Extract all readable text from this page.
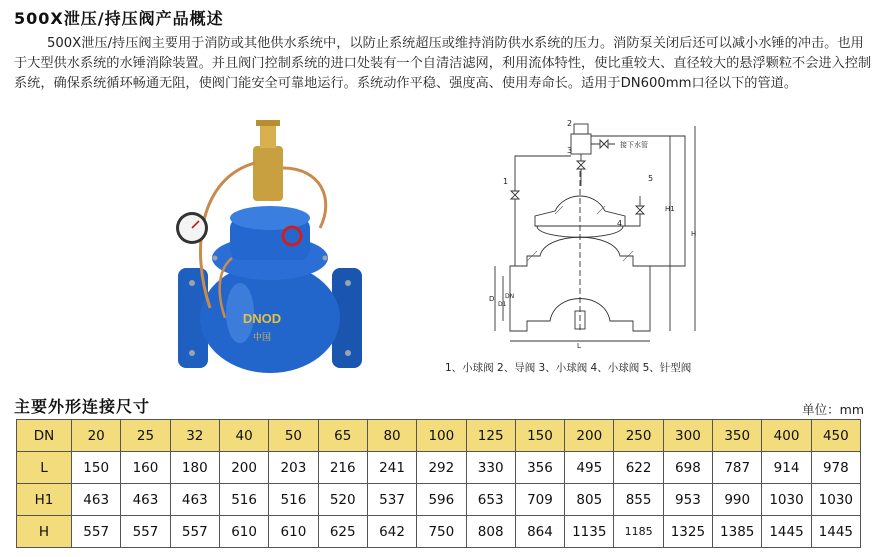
500X泄压/持压阀产品概述
500X泄压/持压阀主要用于消防或其他供水系统中，以防止系统超压或维持消防供水系统的压力。消防泵关闭后还可以减小水锤的冲击。也用于大型供水系统的水锤消除装置。并且阀门控制系统的进口处装有一个自清洁滤网，利用流体特性，使比重较大、直径较大的悬浮颗粒不会进入控制系统，确保系统循环畅通无阻，使阀门能安全可靠地运行。系统动作平稳、强度高、使用寿命长。适用于DN600mm口径以下的管道。
DNOD
中国
1
2
3
4
5
接下水管
H1
H
L
D
D1
DN
1、小球阀 2、导阀 3、小球阀 4、小球阀 5、针型阀
主要外形连接尺寸	单位：mm
DN	20	25	32	40	50	65	80	100	125	150	200	250	300	350	400	450
L	150	160	180	200	203	216	241	292	330	356	495	622	698	787	914	978
H1	463	463	463	516	516	520	537	596	653	709	805	855	953	990	1030	1030
H	557	557	557	610	610	625	642	750	808	864	1135	1185	1325	1385	1445	1445
